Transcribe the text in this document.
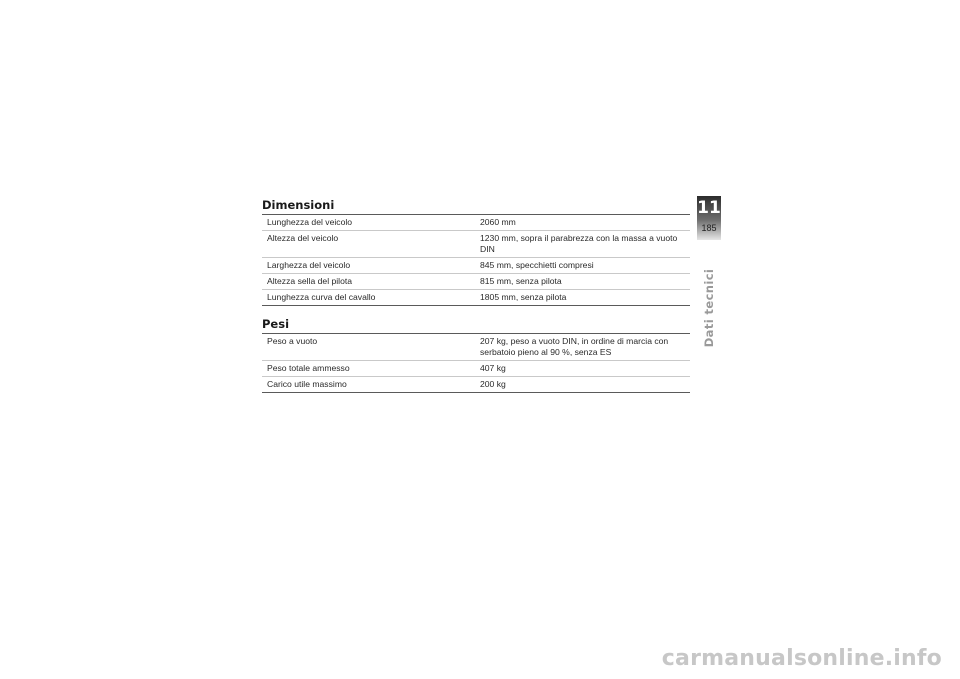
Dimensioni
Lunghezza del veicolo	2060 mm
Altezza del veicolo	1230 mm, sopra il parabrezza con la massa a vuoto DIN
Larghezza del veicolo	845 mm, specchietti compresi
Altezza sella del pilota	815 mm, senza pilota
Lunghezza curva del cavallo	1805 mm, senza pilota
Pesi
Peso a vuoto	207 kg, peso a vuoto DIN, in ordine di marcia con serbatoio pieno al 90 %, senza ES
Peso totale ammesso	407 kg
Carico utile massimo	200 kg
11
185
Dati tecnici
carmanualsonline.info
